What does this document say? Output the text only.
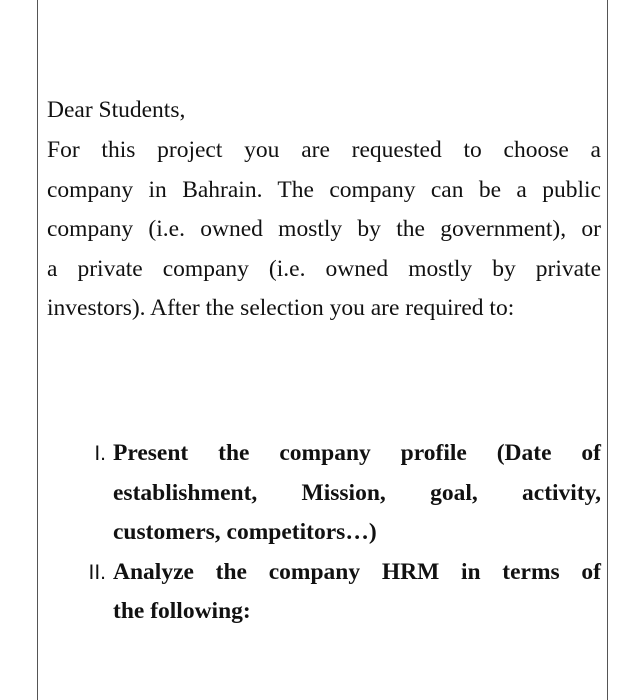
Dear Students,

For this project you are requested to choose a
company in Bahrain. The company can be a public
company (i.e. owned mostly by the government), or
a private company (i.e. owned mostly by private
investors). After the selection you are required to:

I. Present the company profile (Date of
establishment, Mission, goal, activity,
customers, competitors…)
II. Analyze the company HRM in terms of
the following:
